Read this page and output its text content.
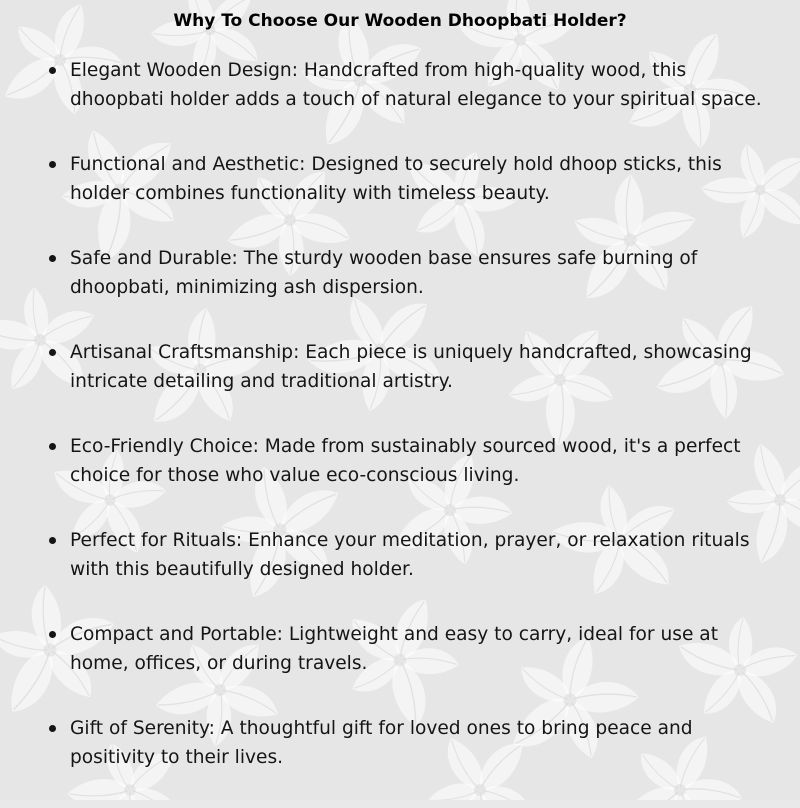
Why To Choose Our Wooden Dhoopbati Holder?
Elegant Wooden Design: Handcrafted from high-quality wood, this dhoopbati holder adds a touch of natural elegance to your spiritual space.
Functional and Aesthetic: Designed to securely hold dhoop sticks, this holder combines functionality with timeless beauty.
Safe and Durable: The sturdy wooden base ensures safe burning of dhoopbati, minimizing ash dispersion.
Artisanal Craftsmanship: Each piece is uniquely handcrafted, showcasing intricate detailing and traditional artistry.
Eco-Friendly Choice: Made from sustainably sourced wood, it's a perfect choice for those who value eco-conscious living.
Perfect for Rituals: Enhance your meditation, prayer, or relaxation rituals with this beautifully designed holder.
Compact and Portable: Lightweight and easy to carry, ideal for use at home, offices, or during travels.
Gift of Serenity: A thoughtful gift for loved ones to bring peace and positivity to their lives.
